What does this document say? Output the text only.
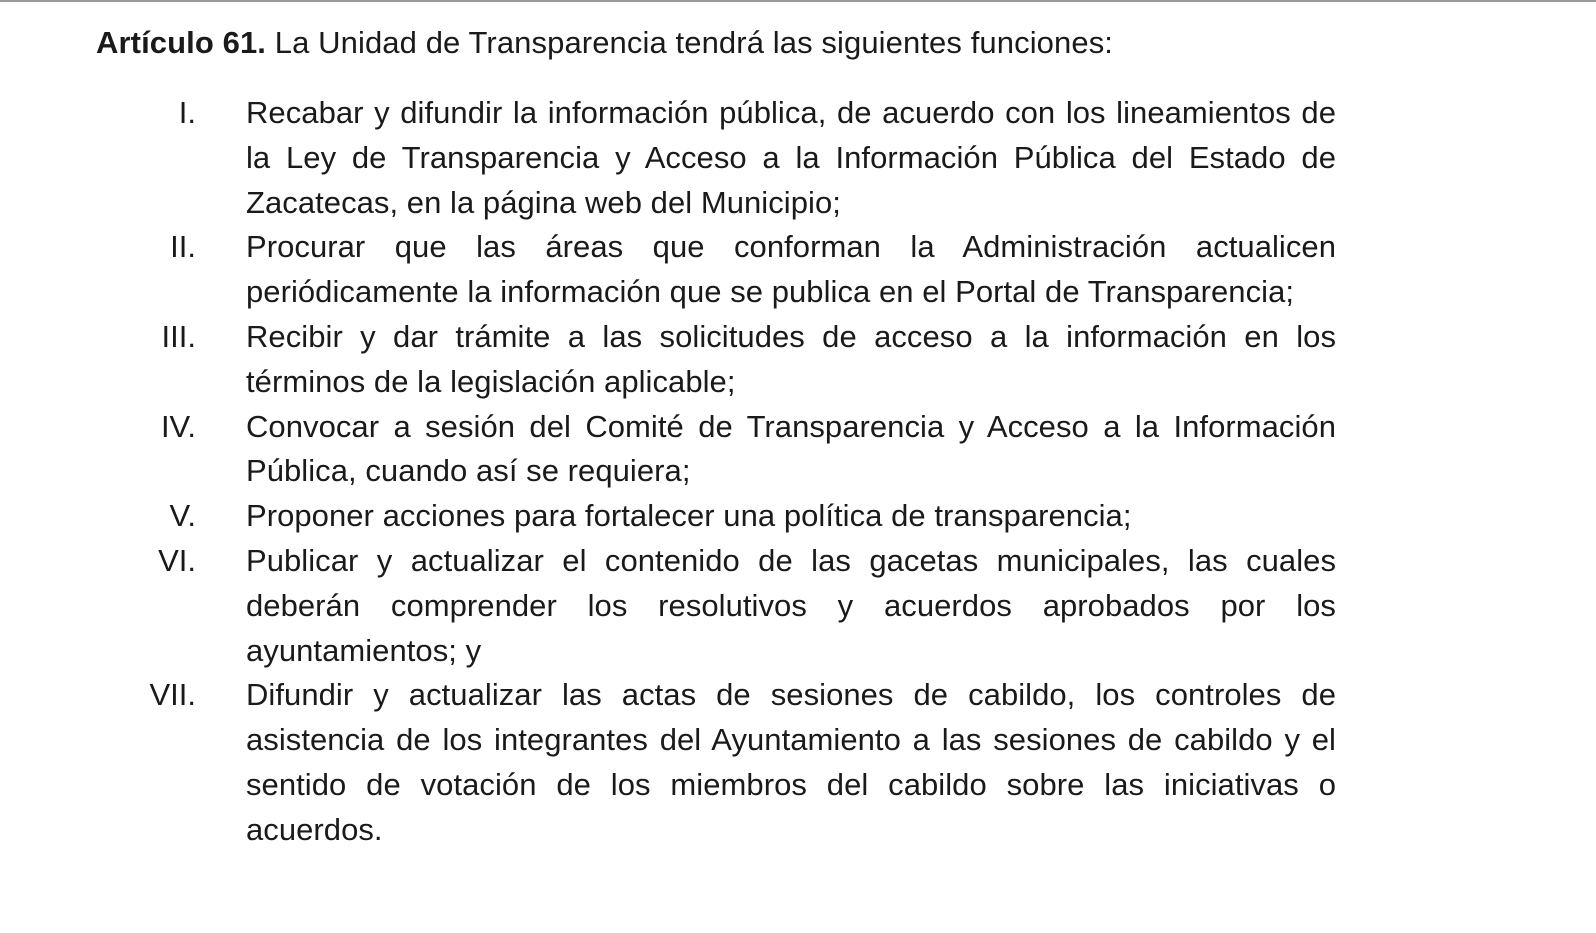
Artículo 61. La Unidad de Transparencia tendrá las siguientes funciones:
I. Recabar y difundir la información pública, de acuerdo con los lineamientos de la Ley de Transparencia y Acceso a la Información Pública del Estado de Zacatecas, en la página web del Municipio;
II. Procurar que las áreas que conforman la Administración actualicen periódicamente la información que se publica en el Portal de Transparencia;
III. Recibir y dar trámite a las solicitudes de acceso a la información en los términos de la legislación aplicable;
IV. Convocar a sesión del Comité de Transparencia y Acceso a la Información Pública, cuando así se requiera;
V. Proponer acciones para fortalecer una política de transparencia;
VI. Publicar y actualizar el contenido de las gacetas municipales, las cuales deberán comprender los resolutivos y acuerdos aprobados por los ayuntamientos; y
VII. Difundir y actualizar las actas de sesiones de cabildo, los controles de asistencia de los integrantes del Ayuntamiento a las sesiones de cabildo y el sentido de votación de los miembros del cabildo sobre las iniciativas o acuerdos.
